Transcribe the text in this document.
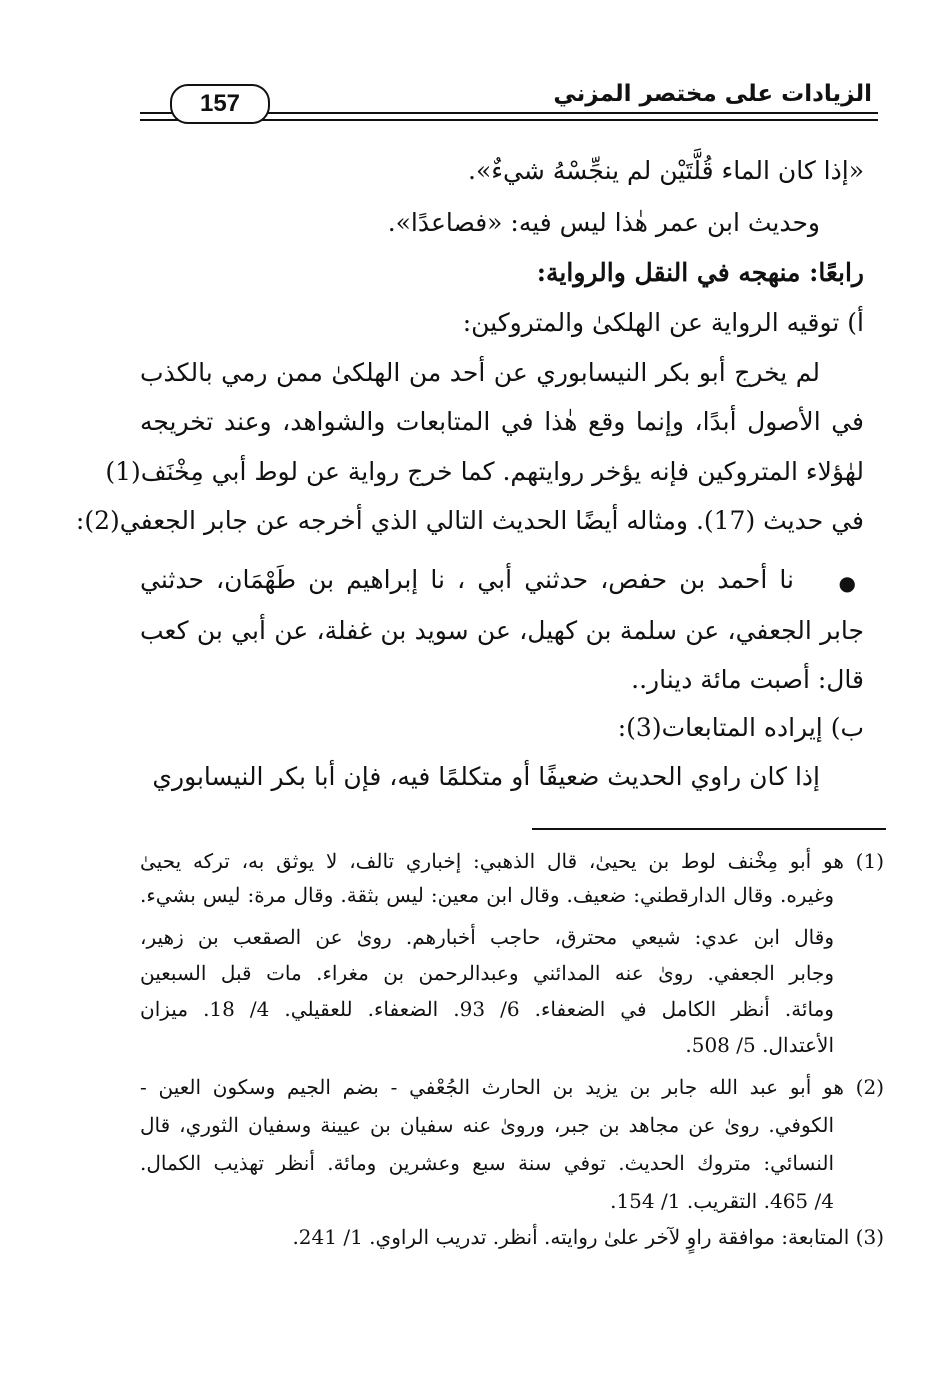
الزيادات على مختصر المزني
157
«إذا كان الماء قُلَّتَيْن لم ينجِّسْهُ شيءٌ».
وحديث ابن عمر هٰذا ليس فيه: «فصاعدًا».
رابعًا: منهجه في النقل والرواية:
أ) توقيه الرواية عن الهلكىٰ والمتروكين:
لم يخرج أبو بكر النيسابوري عن أحد من الهلكىٰ ممن رمي بالكذب
في الأصول أبدًا، وإنما وقع هٰذا في المتابعات والشواهد، وعند تخريجه
لهٰؤلاء المتروكين فإنه يؤخر روايتهم. كما خرج رواية عن لوط أبي مِخْنَف(1)
في حديث (17). ومثاله أيضًا الحديث التالي الذي أخرجه عن جابر الجعفي(2):
نا أحمد بن حفص، حدثني أبي ، نا إبراهيم بن طَهْمَان، حدثني	●
جابر الجعفي، عن سلمة بن كهيل، عن سويد بن غفلة، عن أبي بن كعب
قال: أصبت مائة دينار..
ب) إيراده المتابعات(3):
إذا كان راوي الحديث ضعيفًا أو متكلمًا فيه، فإن أبا بكر النيسابوري
(1) هو أبو مِخْنف لوط بن يحيىٰ، قال الذهبي: إخباري تالف، لا يوثق به، تركه يحيىٰ
وغيره. وقال الدارقطني: ضعيف. وقال ابن معين: ليس بثقة. وقال مرة: ليس بشيء.
وقال ابن عدي: شيعي محترق، حاجب أخبارهم. روىٰ عن الصقعب بن زهير،
وجابر الجعفي. روىٰ عنه المدائني وعبدالرحمن بن مغراء. مات قبل السبعين
ومائة. أنظر الكامل في الضعفاء. 6/ 93. الضعفاء. للعقيلي. 4/ 18. ميزان
الأعتدال. 5/ 508.
(2) هو أبو عبد الله جابر بن يزيد بن الحارث الجُعْفي - بضم الجيم وسكون العين -
الكوفي. روىٰ عن مجاهد بن جبر، ورویٰ عنه سفيان بن عيينة وسفيان الثوري، قال
النسائي: متروك الحديث. توفي سنة سبع وعشرين ومائة. أنظر تهذيب الكمال.
4/ 465. التقريب. 1/ 154.
(3) المتابعة: موافقة راوٍ لآخر علىٰ روايته. أنظر. تدريب الراوي. 1/ 241.
